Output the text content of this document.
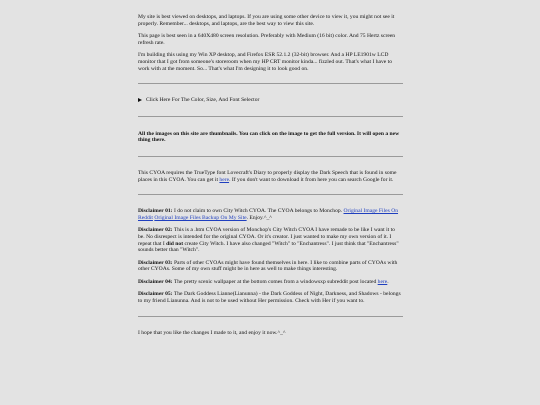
My site is best viewed on desktops, and laptops. If you are using some other device to view it, you might not see it properly. Remember... desktops, and laptops, are the best way to view this site.

This page is best seen in a 640X480 screen resolution. Preferably with Medium (16 bit) color. And 75 Hertz screen refresh rate.

I'm building this using my Win XP desktop, and Firefox ESR 52.1.2 (32-bit) browser. And a HP LE1901w LCD monitor that I got from someone's storeroom when my HP CRT monitor kinda... fizzled out. That's what I have to work with at the moment. So... That's what I'm designing it to look good on.

Click Here For The Color, Size, And Font Selector

All the images on this site are thumbnails. You can click on the image to get the full version. It will open a new thing there.

This CYOA requires the TrueType font Lovecraft's Diary to properly display the Dark Speech that is found in some places in this CYOA. You can get it here. If you don't want to download it from here you can search Google for it.

Disclaimer 01: I do not claim to own City Witch CYOA. The CYOA belongs to Monchop. Original Image Files On Reddit Original Image Files Backup On My Site. Enjoy.^_^

Disclaimer 02: This is a .htm CYOA version of Monchop's City Witch CYOA I have remade to be like I want it to be. No disrespect is intended for the original CYOA. Or it's creator. I just wanted to make my own version of it. I repeat that I did not create City Witch. I have also changed "Witch" to "Enchantress". I just think that "Enchantress" sounds better than "Witch".

Disclaimer 03: Parts of other CYOAs might have found themselves in here. I like to combine parts of CYOAs with other CYOAs. Some of my own stuff might be in here as well to make things interesting.

Disclaimer 04: The pretty scenic wallpaper at the bottom comes from a windowsxp subreddit post located here.

Disclaimer 05: The Dark Goddess Lianne(Lianunna) - the Dark Goddess of Night, Darkness, and Shadows - belongs to my friend Lianunna. And is not to be used without Her permission. Check with Her if you want to.

I hope that you like the changes I made to it, and enjoy it now.^_^
